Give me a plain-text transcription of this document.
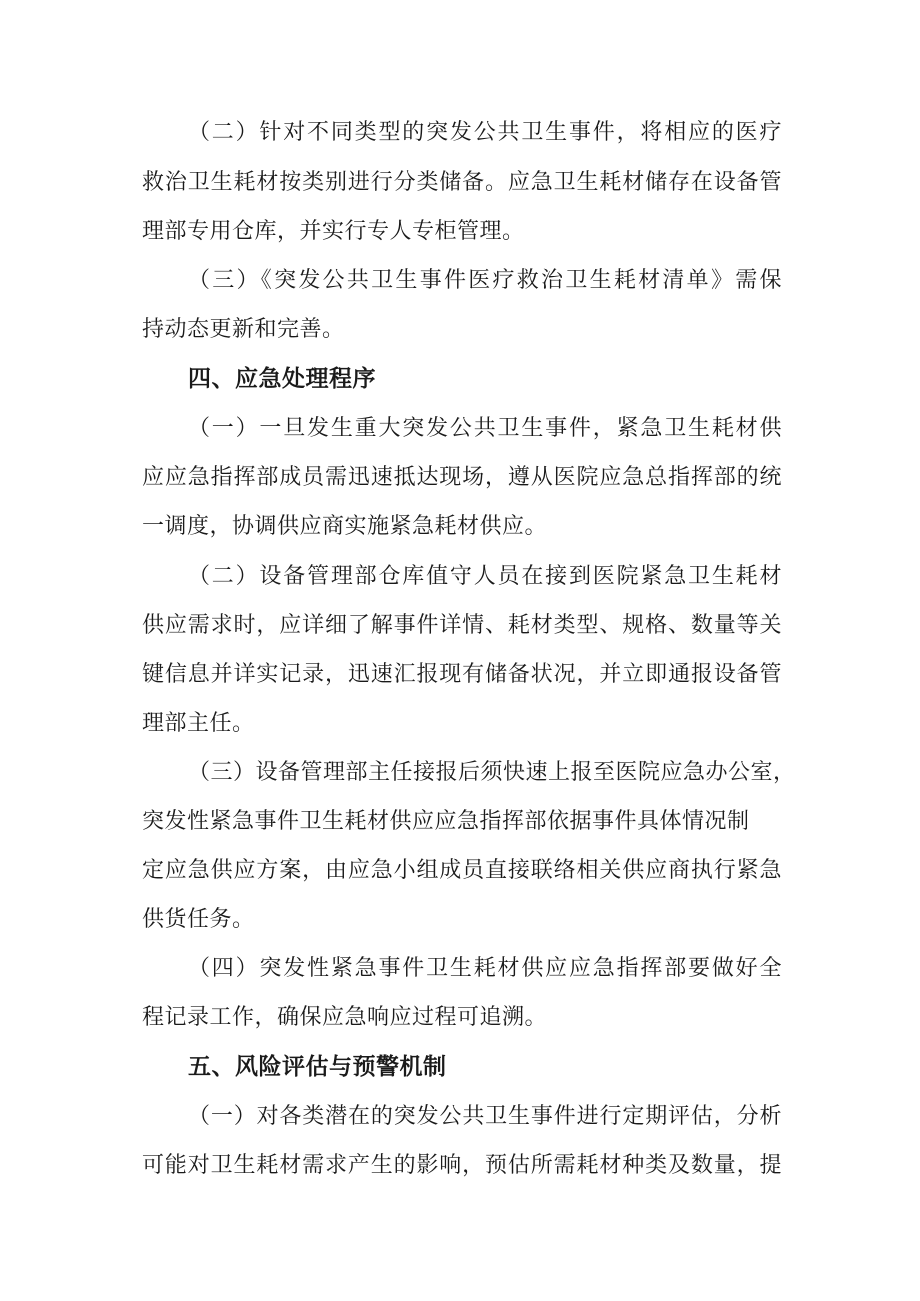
（二）针对不同类型的突发公共卫生事件，将相应的医疗
救治卫生耗材按类别进行分类储备。应急卫生耗材储存在设备管
理部专用仓库，并实行专人专柜管理。
（三）《突发公共卫生事件医疗救治卫生耗材清单》需保
持动态更新和完善。
四、应急处理程序
（一）一旦发生重大突发公共卫生事件，紧急卫生耗材供
应应急指挥部成员需迅速抵达现场，遵从医院应急总指挥部的统
一调度，协调供应商实施紧急耗材供应。
（二）设备管理部仓库值守人员在接到医院紧急卫生耗材
供应需求时，应详细了解事件详情、耗材类型、规格、数量等关
键信息并详实记录，迅速汇报现有储备状况，并立即通报设备管
理部主任。
（三）设备管理部主任接报后须快速上报至医院应急办公室，
突发性紧急事件卫生耗材供应应急指挥部依据事件具体情况制
定应急供应方案，由应急小组成员直接联络相关供应商执行紧急
供货任务。
（四）突发性紧急事件卫生耗材供应应急指挥部要做好全
程记录工作，确保应急响应过程可追溯。
五、风险评估与预警机制
（一）对各类潜在的突发公共卫生事件进行定期评估，分析
可能对卫生耗材需求产生的影响，预估所需耗材种类及数量，提
